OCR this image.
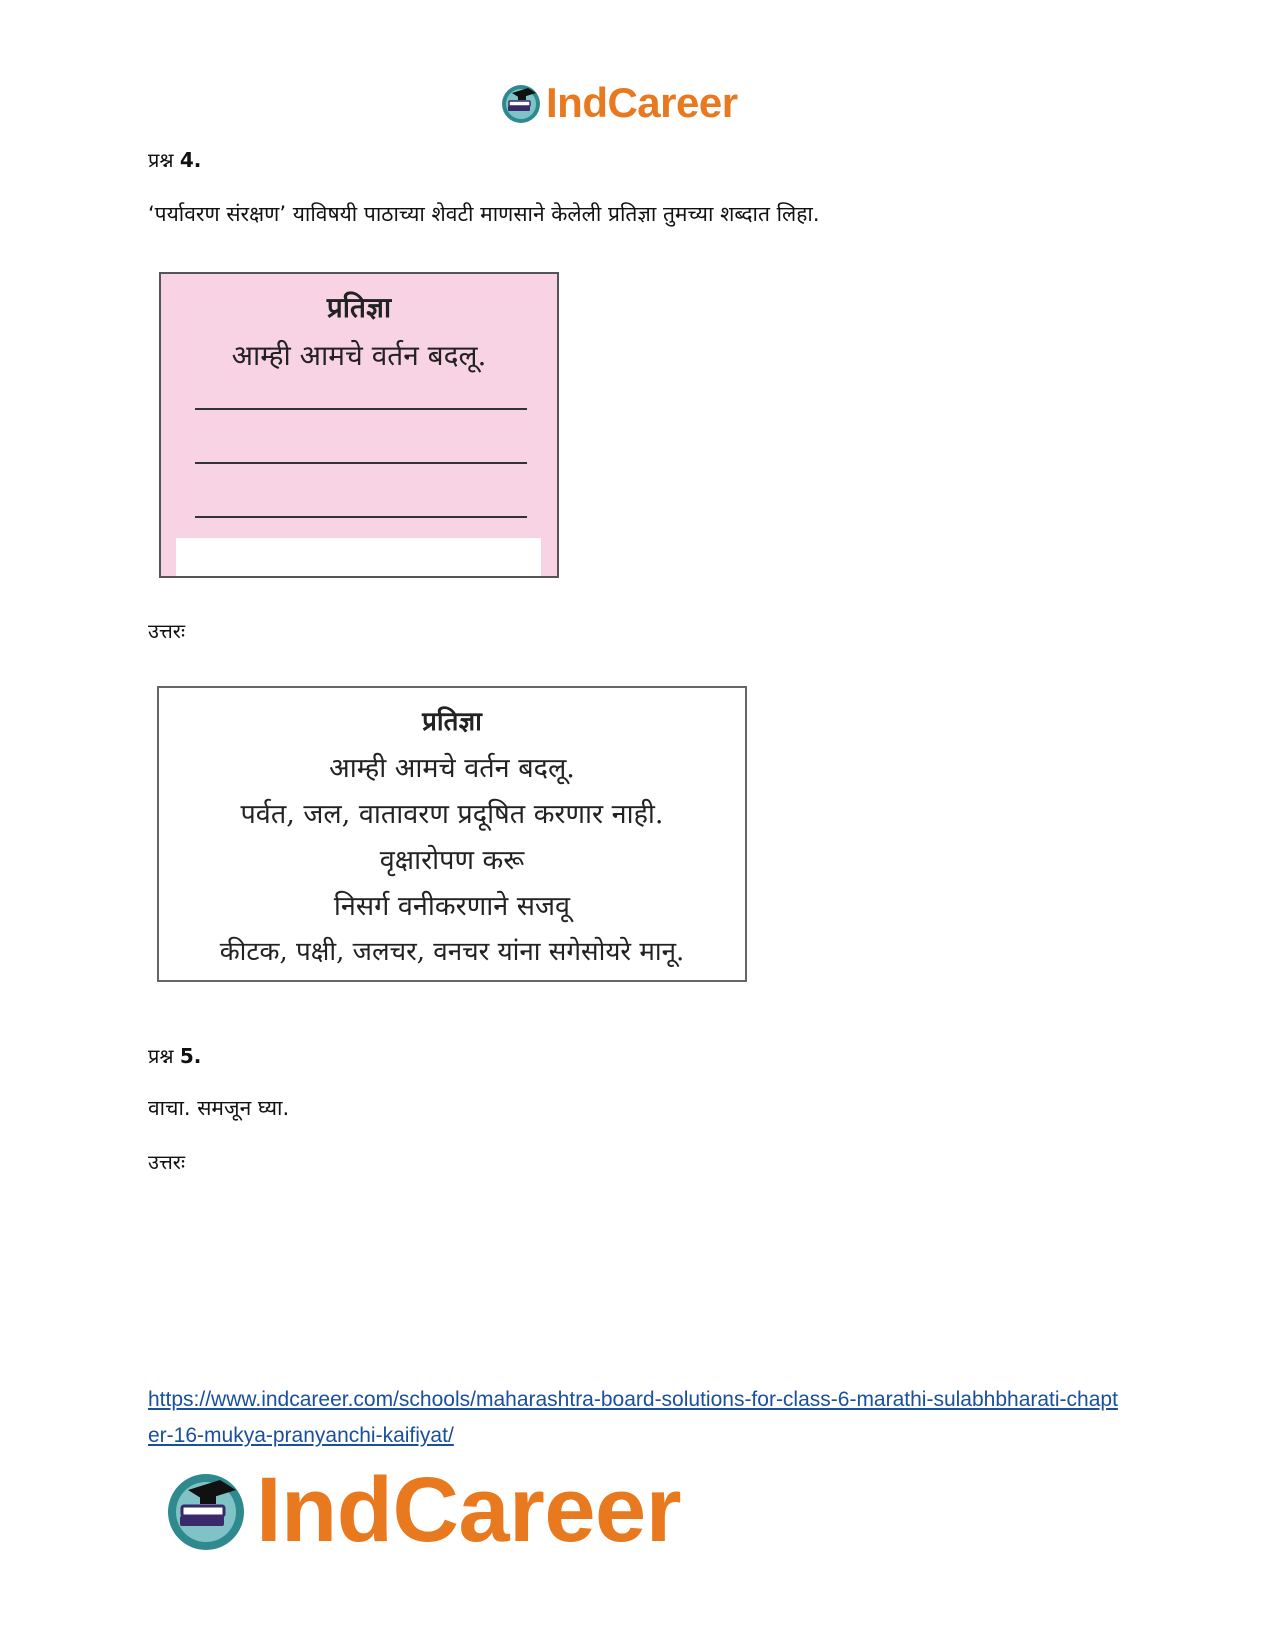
IndCareer
प्रश्न 4.
‘पर्यावरण संरक्षण’ याविषयी पाठाच्या शेवटी माणसाने केलेली प्रतिज्ञा तुमच्या शब्दात लिहा.
प्रतिज्ञा
आम्ही आमचे वर्तन बदलू.
उत्तरः
प्रतिज्ञा
आम्ही आमचे वर्तन बदलू.
पर्वत, जल, वातावरण प्रदूषित करणार नाही.
वृक्षारोपण करू
निसर्ग वनीकरणाने सजवू
कीटक, पक्षी, जलचर, वनचर यांना सगेसोयरे मानू.
प्रश्न 5.
वाचा. समजून घ्या.
उत्तरः
https://www.indcareer.com/schools/maharashtra-board-solutions-for-class-6-marathi-sulabhbharati-chapter-16-mukya-pranyanchi-kaifiyat/
IndCareer
